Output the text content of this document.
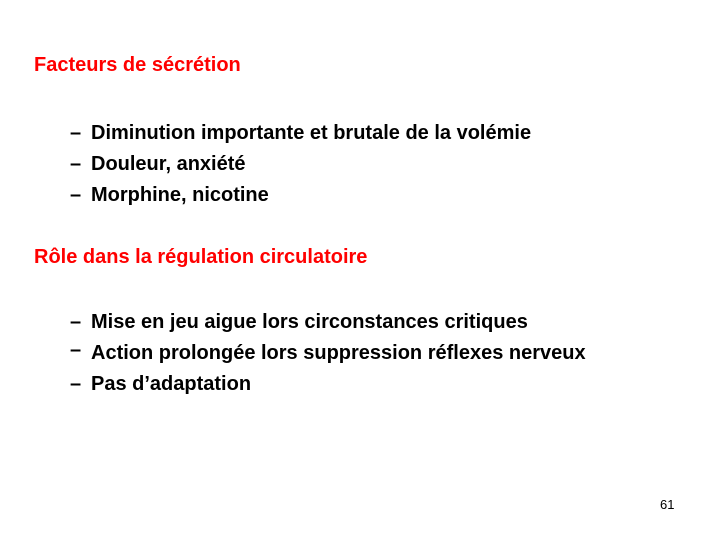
Facteurs de sécrétion
– Diminution importante et brutale de la volémie
– Douleur, anxiété
– Morphine, nicotine
Rôle dans la régulation circulatoire
– Mise en jeu aigue lors circonstances critiques
– Action prolongée lors suppression réflexes nerveux
– Pas d’adaptation
61
